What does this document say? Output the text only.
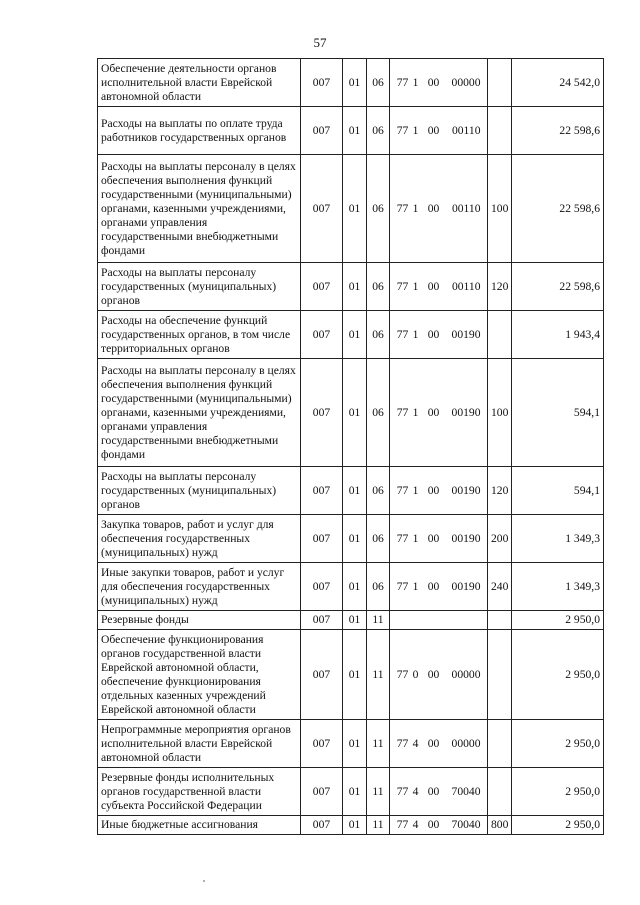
57
Обеспечение деятельности органов исполнительной власти Еврейской автономной области	007	01	06	77 1 00 00000		24 542,0
Расходы на выплаты по оплате труда работников государственных органов	007	01	06	77 1 00 00110		22 598,6
Расходы на выплаты персоналу в целях обеспечения выполнения функций государственными (муниципальными) органами, казенными учреждениями, органами управления государственными внебюджетными фондами	007	01	06	77 1 00 00110	100	22 598,6
Расходы на выплаты персоналу государственных (муниципальных) органов	007	01	06	77 1 00 00110	120	22 598,6
Расходы на обеспечение функций государственных органов, в том числе территориальных органов	007	01	06	77 1 00 00190		1 943,4
Расходы на выплаты персоналу в целях обеспечения выполнения функций государственными (муниципальными) органами, казенными учреждениями, органами управления государственными внебюджетными фондами	007	01	06	77 1 00 00190	100	594,1
Расходы на выплаты персоналу государственных (муниципальных) органов	007	01	06	77 1 00 00190	120	594,1
Закупка товаров, работ и услуг для обеспечения государственных (муниципальных) нужд	007	01	06	77 1 00 00190	200	1 349,3
Иные закупки товаров, работ и услуг для обеспечения государственных (муниципальных) нужд	007	01	06	77 1 00 00190	240	1 349,3
Резервные фонды	007	01	11			2 950,0
Обеспечение функционирования органов государственной власти Еврейской автономной области, обеспечение функционирования отдельных казенных учреждений Еврейской автономной области	007	01	11	77 0 00 00000		2 950,0
Непрограммные мероприятия органов исполнительной власти Еврейской автономной области	007	01	11	77 4 00 00000		2 950,0
Резервные фонды исполнительных органов государственной власти субъекта Российской Федерации	007	01	11	77 4 00 70040		2 950,0
Иные бюджетные ассигнования	007	01	11	77 4 00 70040	800	2 950,0
